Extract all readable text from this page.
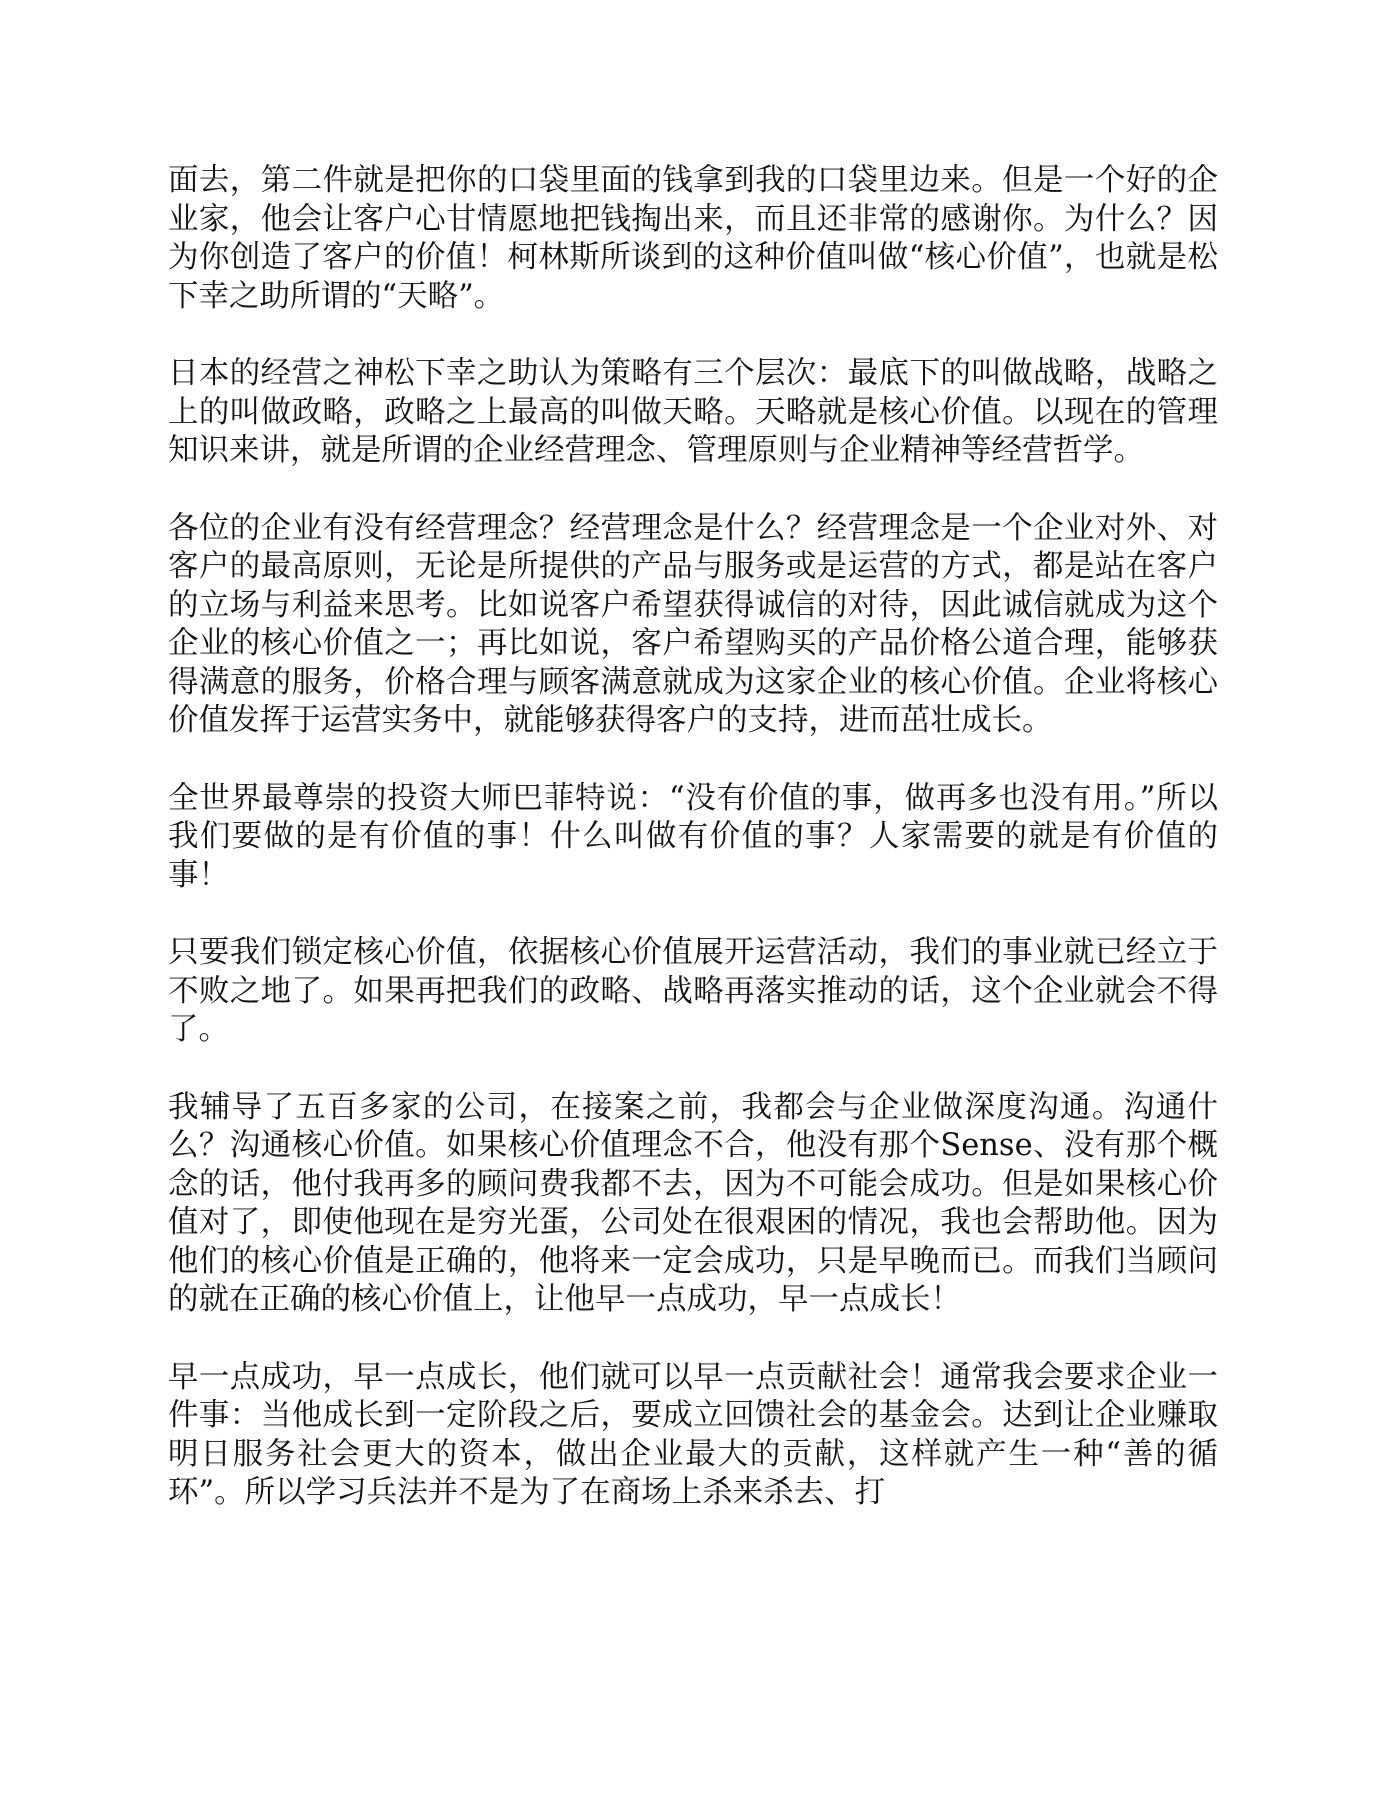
面去，第二件就是把你的口袋里面的钱拿到我的口袋里边来。但是一个好的企业家，他会让客户心甘情愿地把钱掏出来，而且还非常的感谢你。为什么？因为你创造了客户的价值！柯林斯所谈到的这种价值叫做“核心价值”，也就是松下幸之助所谓的“天略”。

日本的经营之神松下幸之助认为策略有三个层次：最底下的叫做战略，战略之上的叫做政略，政略之上最高的叫做天略。天略就是核心价值。以现在的管理知识来讲，就是所谓的企业经营理念、管理原则与企业精神等经营哲学。

各位的企业有没有经营理念？经营理念是什么？经营理念是一个企业对外、对客户的最高原则，无论是所提供的产品与服务或是运营的方式，都是站在客户的立场与利益来思考。比如说客户希望获得诚信的对待，因此诚信就成为这个企业的核心价值之一；再比如说，客户希望购买的产品价格公道合理，能够获得满意的服务，价格合理与顾客满意就成为这家企业的核心价值。企业将核心价值发挥于运营实务中，就能够获得客户的支持，进而茁壮成长。

全世界最尊崇的投资大师巴菲特说：“没有价值的事，做再多也没有用。”所以我们要做的是有价值的事！什么叫做有价值的事？人家需要的就是有价值的事！

只要我们锁定核心价值，依据核心价值展开运营活动，我们的事业就已经立于不败之地了。如果再把我们的政略、战略再落实推动的话，这个企业就会不得了。

我辅导了五百多家的公司，在接案之前，我都会与企业做深度沟通。沟通什么？沟通核心价值。如果核心价值理念不合，他没有那个Sense、没有那个概念的话，他付我再多的顾问费我都不去，因为不可能会成功。但是如果核心价值对了，即使他现在是穷光蛋，公司处在很艰困的情况，我也会帮助他。因为他们的核心价值是正确的，他将来一定会成功，只是早晚而已。而我们当顾问的就在正确的核心价值上，让他早一点成功，早一点成长！

早一点成功，早一点成长，他们就可以早一点贡献社会！通常我会要求企业一件事：当他成长到一定阶段之后，要成立回馈社会的基金会。达到让企业赚取明日服务社会更大的资本，做出企业最大的贡献，这样就产生一种“善的循环”。所以学习兵法并不是为了在商场上杀来杀去、打
